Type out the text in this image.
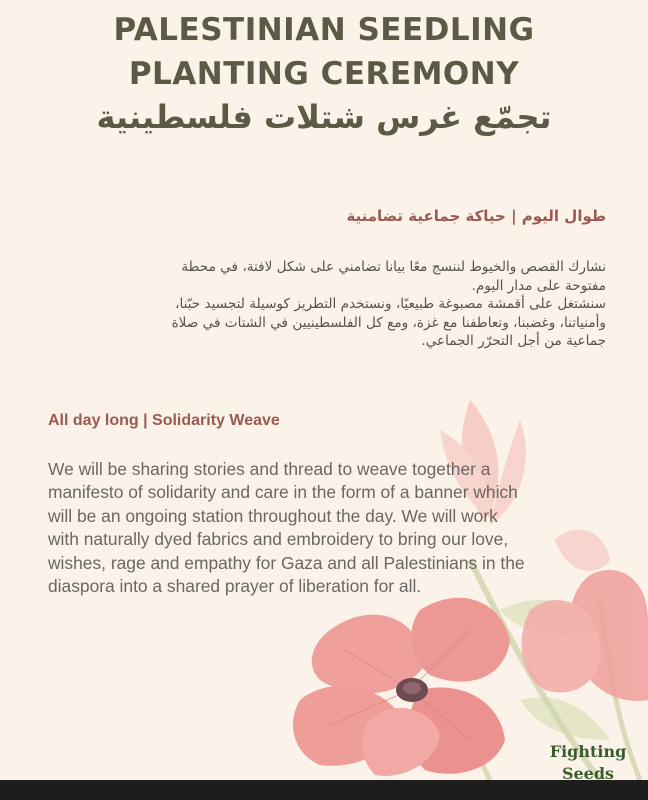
PALESTINIAN SEEDLING
PLANTING CEREMONY
تجمّع غرس شتلات فلسطينية
طوال اليوم | حياكة جماعية تضامنية

نشارك القصص والخيوط لننسج معًا بيانا تضامني على شكل لافتة، في محطة

مفتوحة على مدار اليوم.

سنشتغل على أقمشة مصبوغة طبيعيًا، ونستخدم التطريز كوسيلة لتجسيد حبّنا،

وأمنياتنا، وغضبنا، وتعاطفنا مع غزة، ومع كل الفلسطينيين في الشتات في صلاة

جماعية من أجل التحرّر الجماعي.

All day long | Solidarity Weave
We will be sharing stories and thread to weave together a
manifesto of solidarity and care in the form of a banner which
will be an ongoing station throughout the day. We will work
with naturally dyed fabrics and embroidery to bring our love,
wishes, rage and empathy for Gaza and all Palestinians in the
diaspora into a shared prayer of liberation for all.
Fighting
Seeds
